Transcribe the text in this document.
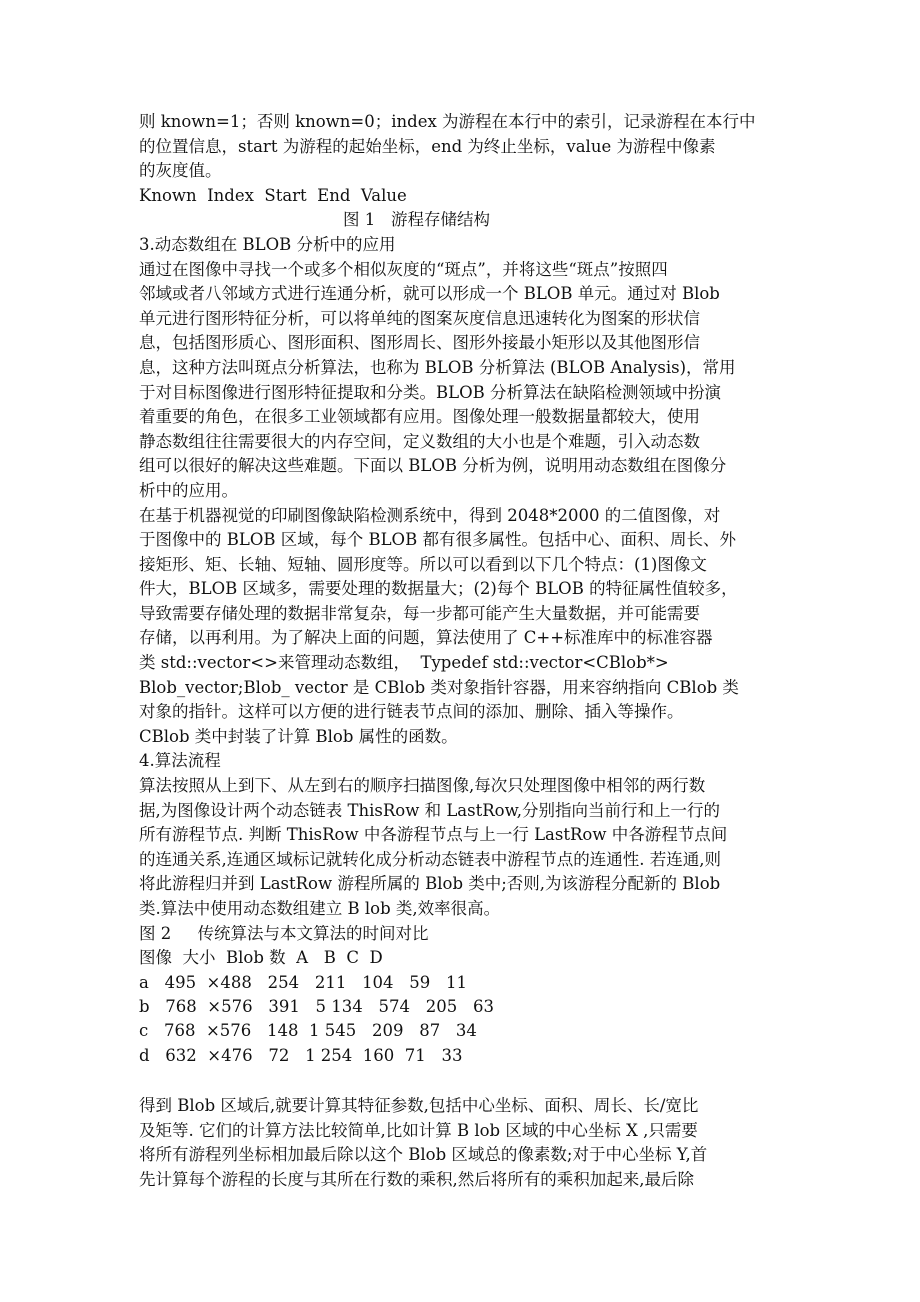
则 known=1；否则 known=0；index 为游程在本行中的索引，记录游程在本行中
的位置信息，start 为游程的起始坐标，end 为终止坐标，value 为游程中像素
的灰度值。
Known  Index  Start  End  Value
图 1   游程存储结构
3.动态数组在 BLOB 分析中的应用
通过在图像中寻找一个或多个相似灰度的“斑点”，并将这些“斑点”按照四
邻域或者八邻域方式进行连通分析，就可以形成一个 BLOB 单元。通过对 Blob
单元进行图形特征分析，可以将单纯的图案灰度信息迅速转化为图案的形状信
息，包括图形质心、图形面积、图形周长、图形外接最小矩形以及其他图形信
息，这种方法叫斑点分析算法，也称为 BLOB 分析算法 (BLOB Analysis)，常用
于对目标图像进行图形特征提取和分类。BLOB 分析算法在缺陷检测领域中扮演
着重要的角色，在很多工业领域都有应用。图像处理一般数据量都较大，使用
静态数组往往需要很大的内存空间，定义数组的大小也是个难题，引入动态数
组可以很好的解决这些难题。下面以 BLOB 分析为例，说明用动态数组在图像分
析中的应用。
在基于机器视觉的印刷图像缺陷检测系统中，得到 2048*2000 的二值图像，对
于图像中的 BLOB 区域，每个 BLOB 都有很多属性。包括中心、面积、周长、外
接矩形、矩、长轴、短轴、圆形度等。所以可以看到以下几个特点：(1)图像文
件大，BLOB 区域多，需要处理的数据量大；(2)每个 BLOB 的特征属性值较多，
导致需要存储处理的数据非常复杂，每一步都可能产生大量数据，并可能需要
存储，以再利用。为了解决上面的问题，算法使用了 C++标准库中的标准容器
类 std::vector<>来管理动态数组，  Typedef std::vector<CBlob*>
Blob_vector;Blob_ vector 是 CBlob 类对象指针容器，用来容纳指向 CBlob 类
对象的指针。这样可以方便的进行链表节点间的添加、删除、插入等操作。
CBlob 类中封装了计算 Blob 属性的函数。
4.算法流程
算法按照从上到下、从左到右的顺序扫描图像,每次只处理图像中相邻的两行数
据,为图像设计两个动态链表 ThisRow 和 LastRow,分别指向当前行和上一行的
所有游程节点. 判断 ThisRow 中各游程节点与上一行 LastRow 中各游程节点间
的连通关系,连通区域标记就转化成分析动态链表中游程节点的连通性. 若连通,则
将此游程归并到 LastRow 游程所属的 Blob 类中;否则,为该游程分配新的 Blob
类.算法中使用动态数组建立 B lob 类,效率很高。
图 2     传统算法与本文算法的时间对比
图像  大小  Blob 数  A   B  C  D
a   495  ×488   254   211   104   59   11
b   768  ×576   391   5 134   574   205   63
c   768  ×576   148  1 545   209   87   34
d   632  ×476   72   1 254  160  71   33
得到 Blob 区域后,就要计算其特征参数,包括中心坐标、面积、周长、长/宽比
及矩等. 它们的计算方法比较简单,比如计算 B lob 区域的中心坐标 X ,只需要
将所有游程列坐标相加最后除以这个 Blob 区域总的像素数;对于中心坐标 Y,首
先计算每个游程的长度与其所在行数的乘积,然后将所有的乘积加起来,最后除
